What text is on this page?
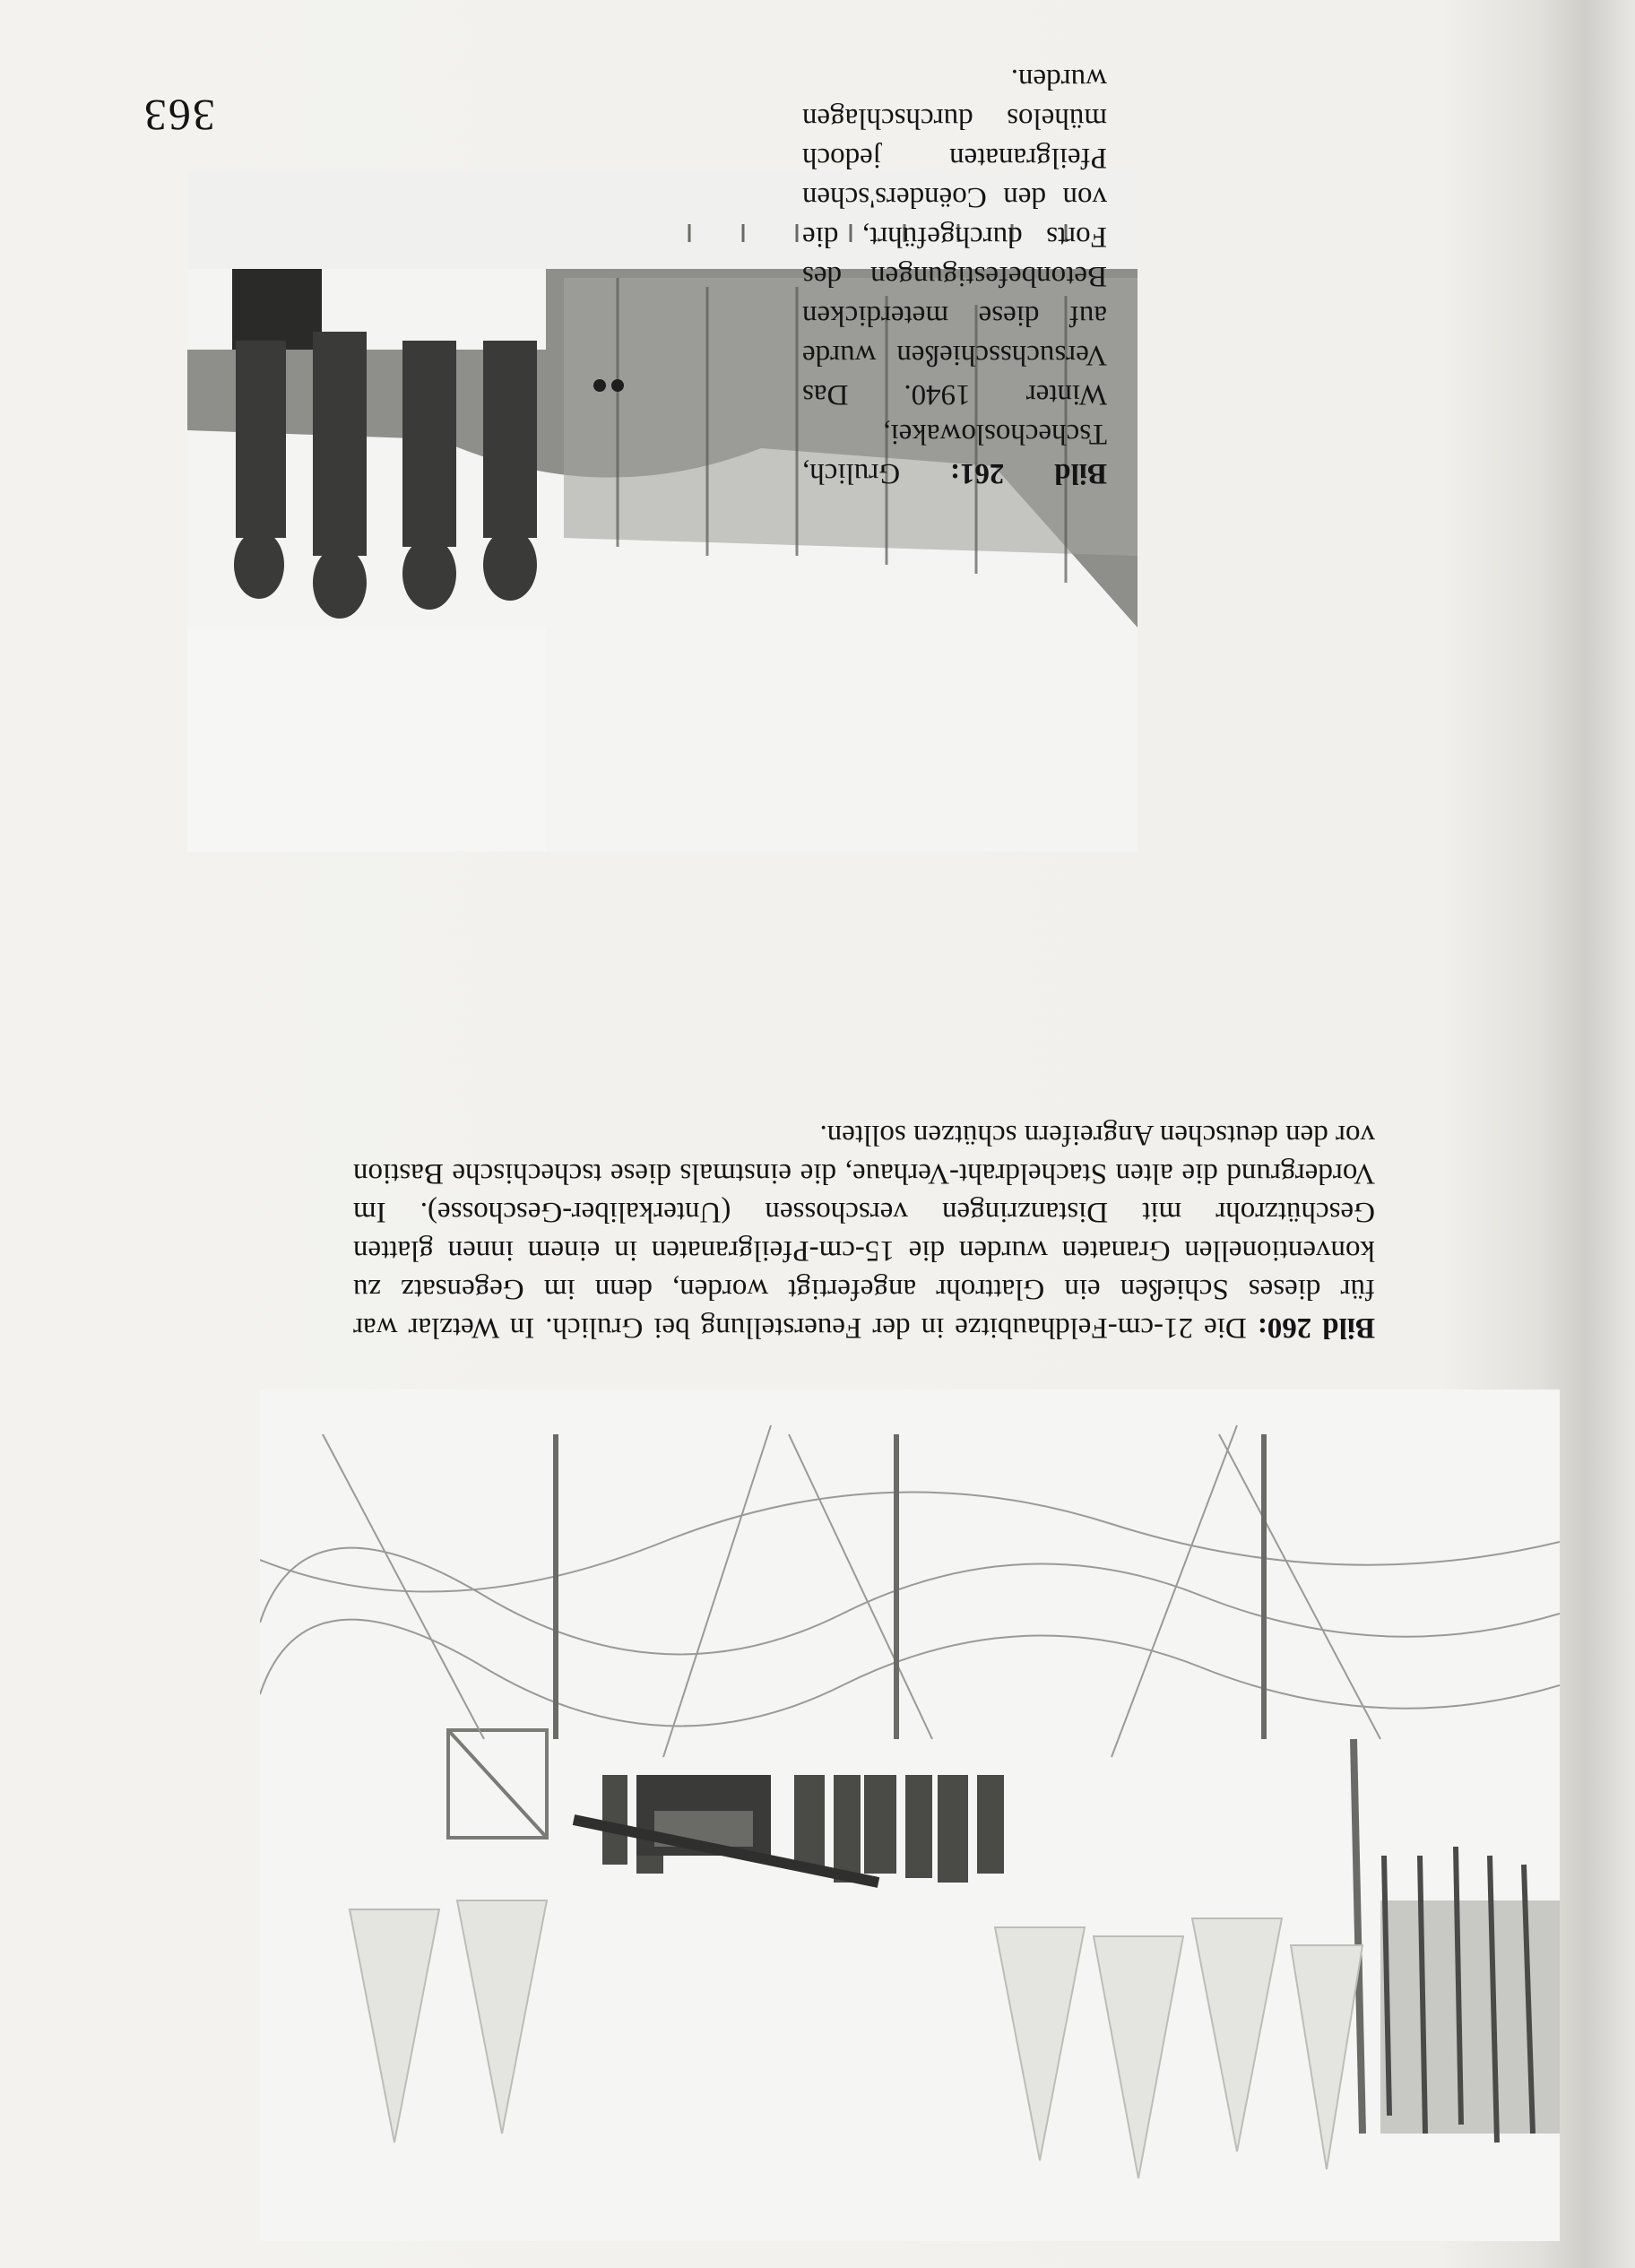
Bild 260: Die 21-cm-Feldhaubitze in der Feuerstellung bei Grulich. In Wetzlar war für dieses Schießen ein Glattrohr angefertigt worden, denn im Gegensatz zu konventionellen Granaten wurden die 15-cm-Pfeilgranaten in einem innen glatten Geschützrohr mit Distanzringen verschossen (Unterkaliber-Geschosse). Im Vordergrund die alten Stacheldraht-Verhaue, die einstmals diese tschechische Bastion vor den deutschen Angreifern schützen sollten.

Bild 261: Grulich, Tschechoslowakei, Winter 1940. Das Versuchsschießen wurde auf diese meterdicken Betonbefestigungen des Forts durchgeführt, die von den Coënders'schen Pfeilgranaten jedoch mühelos durchschlagen wurden.

363
